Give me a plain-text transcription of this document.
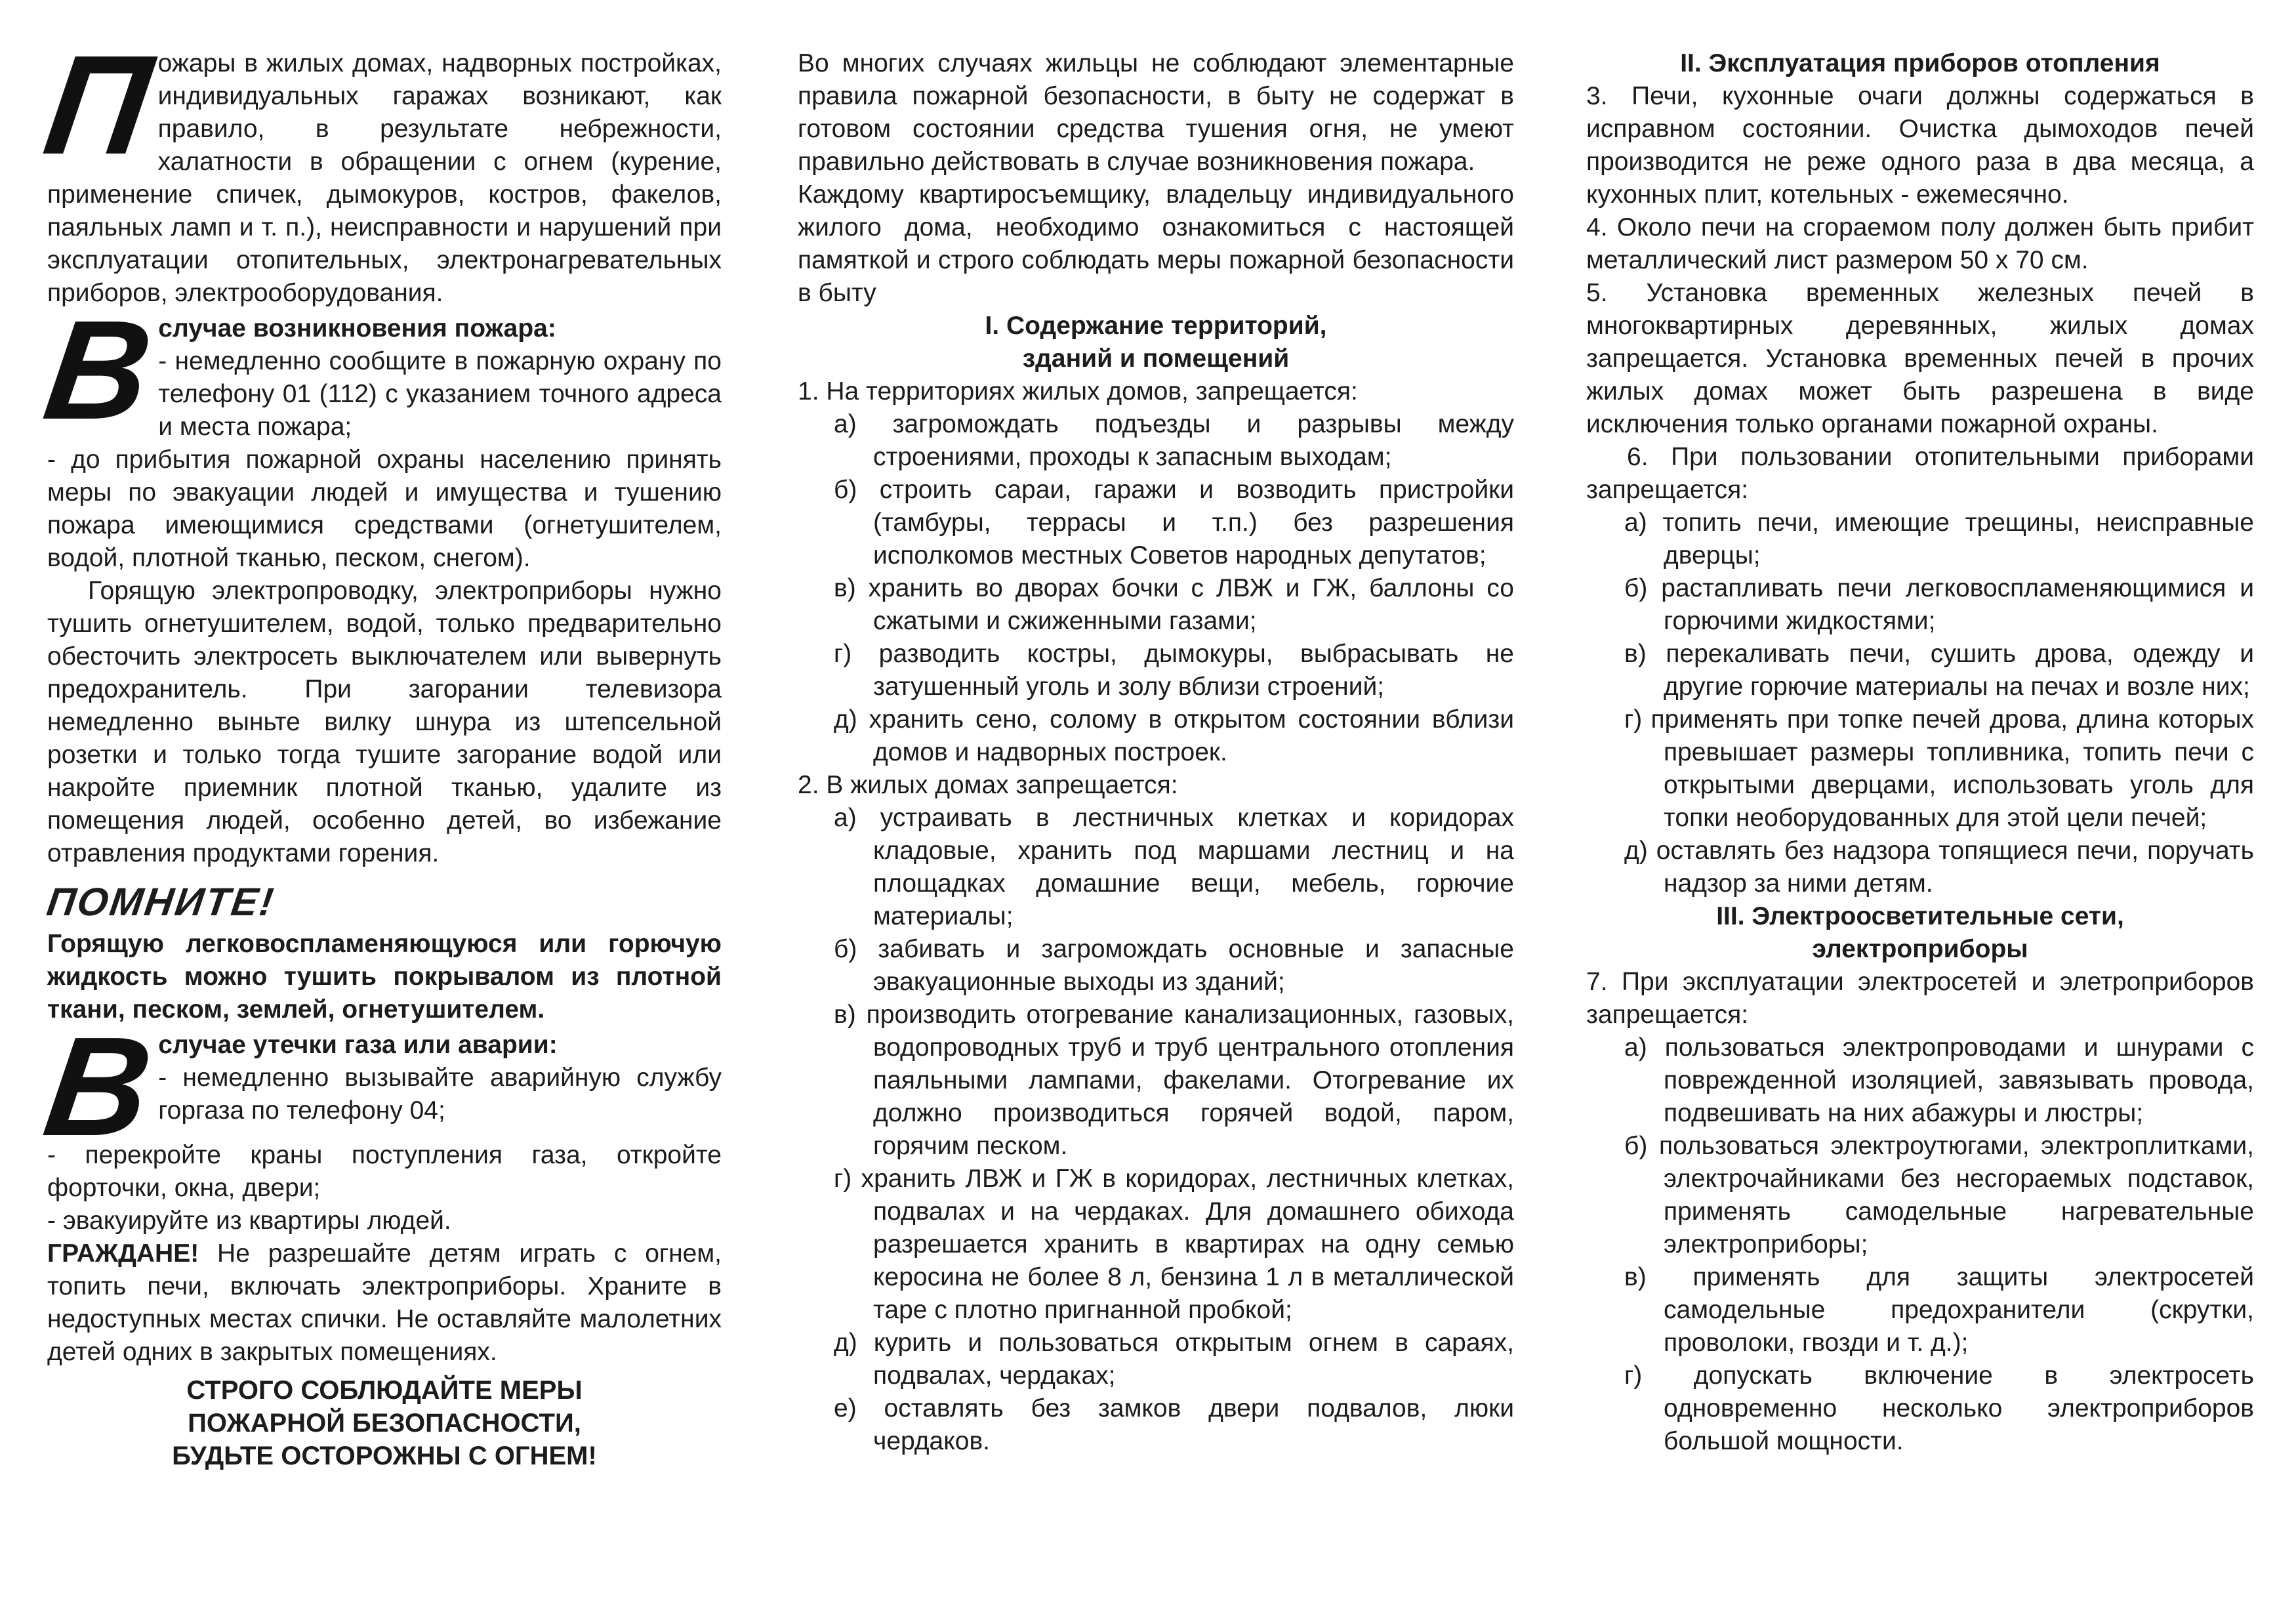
П
ожары в жилых домах, надворных постройках, индивидуальных гаражах возникают, как правило, в результате небрежности, халатности в обращении с огнем (курение, применение спичек, дымокуров, костров, факелов, паяльных ламп и т. п.), неисправности и нарушений при эксплуатации отопительных, электронагревательных приборов, электрооборудования.

В

случае возникновения пожара:

- немедленно сообщите в пожарную охрану по телефону 01 (112) с указанием точного адреса и места пожара;

- до прибытия пожарной охраны населению принять меры по эвакуации людей и имущества и тушению пожара имеющимися средствами (огнетушителем, водой, плотной тканью, песком, снегом).

Горящую электропроводку, электроприборы нужно тушить огнетушителем, водой, только предварительно обесточить электросеть выключателем или вывернуть предохранитель. При загорании телевизора немедленно выньте вилку шнура из штепсельной розетки и только тогда тушите загорание водой или накройте приемник плотной тканью, удалите из помещения людей, особенно детей, во избежание отравления продуктами горения.

ПОМНИТЕ!

Горящую легковоспламеняющуюся или горючую жидкость можно тушить покрывалом из плотной ткани, песком, землей, огнетушителем.

В

случае утечки газа или аварии:

- немедленно вызывайте аварийную службу горгаза по телефону 04;

- перекройте краны поступления газа, откройте форточки, окна, двери;

- эвакуируйте из квартиры людей.

ГРАЖДАНЕ! Не разрешайте детям играть с огнем, топить печи, включать электроприборы. Храните в недоступных местах спички. Не оставляйте малолетних детей одних в закрытых помещениях.

СТРОГО СОБЛЮДАЙТЕ МЕРЫ
ПОЖАРНОЙ БЕЗОПАСНОСТИ,
БУДЬТЕ ОСТОРОЖНЫ С ОГНЕМ!

Во многих случаях жильцы не соблюдают элементарные правила пожарной безопасности, в быту не содержат в готовом состоянии средства тушения огня, не умеют правильно действовать в случае возникновения пожара.

Каждому квартиросъемщику, владельцу индивидуального жилого дома, необходимо ознакомиться с настоящей памяткой и строго соблюдать меры пожарной безопасности в быту

I. Содержание территорий,
зданий и помещений

1. На территориях жилых домов, запрещается:

а) загромождать подъезды и разрывы между строениями, проходы к запасным выходам;

б) строить сараи, гаражи и возводить пристройки (тамбуры, террасы и т.п.) без разрешения исполкомов местных Советов народных депутатов;

в) хранить во дворах бочки с ЛВЖ и ГЖ, баллоны со сжатыми и сжиженными газами;

г) разводить костры, дымокуры, выбрасывать не затушенный уголь и золу вблизи строений;

д) хранить сено, солому в открытом состоянии вблизи домов и надворных построек.

2. В жилых домах запрещается:

а) устраивать в лестничных клетках и коридорах кладовые, хранить под маршами лестниц и на площадках домашние вещи, мебель, горючие материалы;

б) забивать и загромождать основные и запасные эвакуационные выходы из зданий;

в) производить отогревание канализационных, газовых, водопроводных труб и труб центрального отопления паяльными лампами, факелами. Отогревание их должно производиться горячей водой, паром, горячим песком.

г) хранить ЛВЖ и ГЖ в коридорах, лестничных клетках, подвалах и на чердаках. Для домашнего обихода разрешается хранить в квартирах на одну семью керосина не более 8 л, бензина 1 л в металлической таре с плотно пригнанной пробкой;

д) курить и пользоваться открытым огнем в сараях, подвалах, чердаках;

е) оставлять без замков двери подвалов, люки чердаков.

II. Эксплуатация приборов отопления

3. Печи, кухонные очаги должны содержаться в исправном состоянии. Очистка дымоходов печей производится не реже одного раза в два месяца, а кухонных плит, котельных - ежемесячно.

4. Около печи на сгораемом полу должен быть прибит металлический лист размером 50 х 70 см.

5. Установка временных железных печей в многоквартирных деревянных, жилых домах запрещается. Установка временных печей в прочих жилых домах может быть разрешена в виде исключения только органами пожарной охраны.

6. При пользовании отопительными приборами запрещается:

а) топить печи, имеющие трещины, неисправные дверцы;

б) растапливать печи легковоспламеняющимися и горючими жидкостями;

в) перекаливать печи, сушить дрова, одежду и другие горючие материалы на печах и возле них;

г) применять при топке печей дрова, длина которых превышает размеры топливника, топить печи с открытыми дверцами, использовать уголь для топки необорудованных для этой цели печей;

д) оставлять без надзора топящиеся печи, поручать надзор за ними детям.

III. Электроосветительные сети,
электроприборы

7. При эксплуатации электросетей и элетроприборов запрещается:

а) пользоваться электропроводами и шнурами с поврежденной изоляцией, завязывать провода, подвешивать на них абажуры и люстры;

б) пользоваться электроутюгами, электроплитками, электрочайниками без несгораемых подставок, применять самодельные нагревательные электроприборы;

в) применять для защиты электросетей самодельные предохранители (скрутки, проволоки, гвозди и т. д.);

г) допускать включение в электросеть одновременно несколько электроприборов большой мощности.
